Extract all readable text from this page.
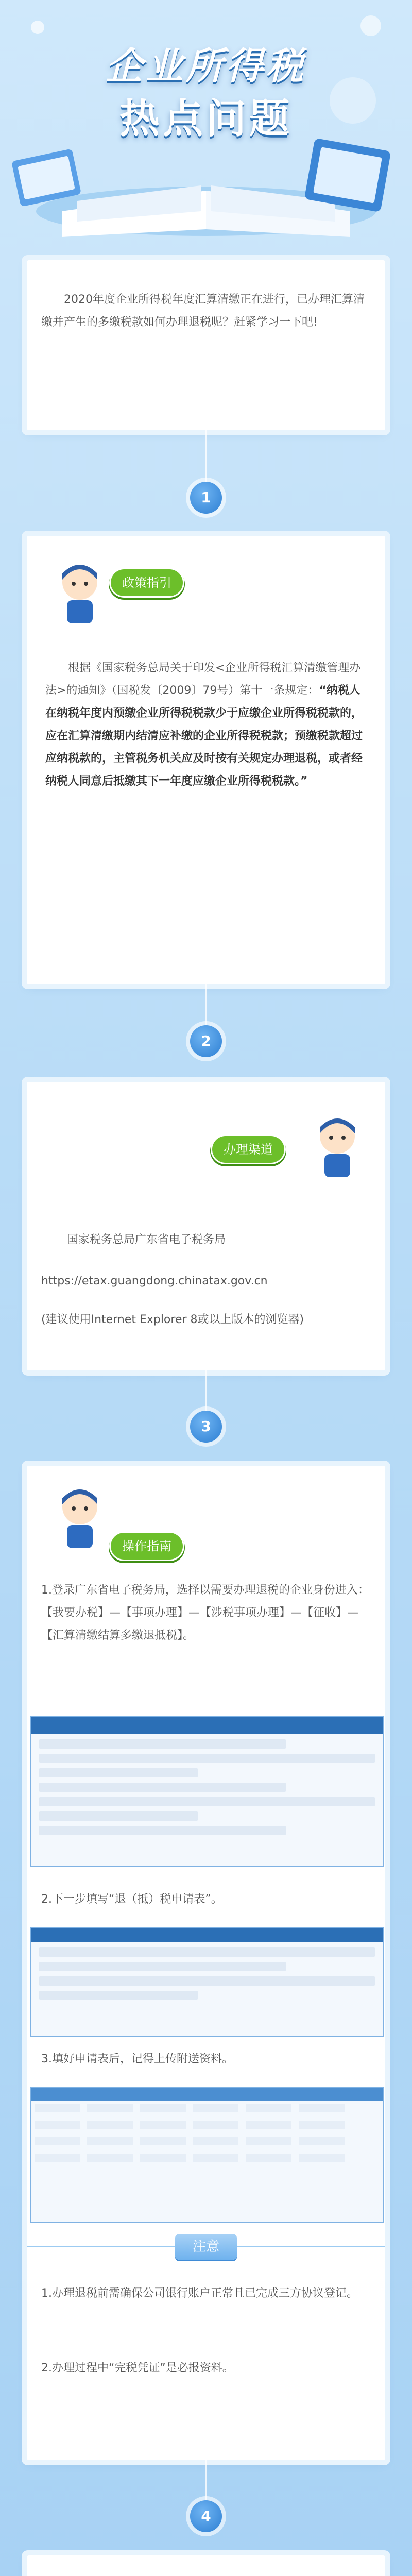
企业所得税
热点问题
2020年度企业所得税年度汇算清缴正在进行，已办理汇算清缴并产生的多缴税款如何办理退税呢？赶紧学习一下吧!
1
政策指引
根据《国家税务总局关于印发<企业所得税汇算清缴管理办法>的通知》（国税发〔2009〕79号）第十一条规定：“纳税人在纳税年度内预缴企业所得税税款少于应缴企业所得税税款的，应在汇算清缴期内结清应补缴的企业所得税税款；预缴税款超过应纳税款的，主管税务机关应及时按有关规定办理退税，或者经纳税人同意后抵缴其下一年度应缴企业所得税税款。”
2
办理渠道
国家税务总局广东省电子税务局
https://etax.guangdong.chinatax.gov.cn
(建议使用Internet Explorer 8或以上版本的浏览器)
3
操作指南
1.登录广东省电子税务局，选择以需要办理退税的企业身份进入：【我要办税】—【事项办理】—【涉税事项办理】—【征收】—【汇算清缴结算多缴退抵税】。
2.下一步填写“退（抵）税申请表”。
3.填好申请表后，记得上传附送资料。
注意
1.办理退税前需确保公司银行账户正常且已完成三方协议登记。
2.办理过程中“完税凭证”是必报资料。
4
